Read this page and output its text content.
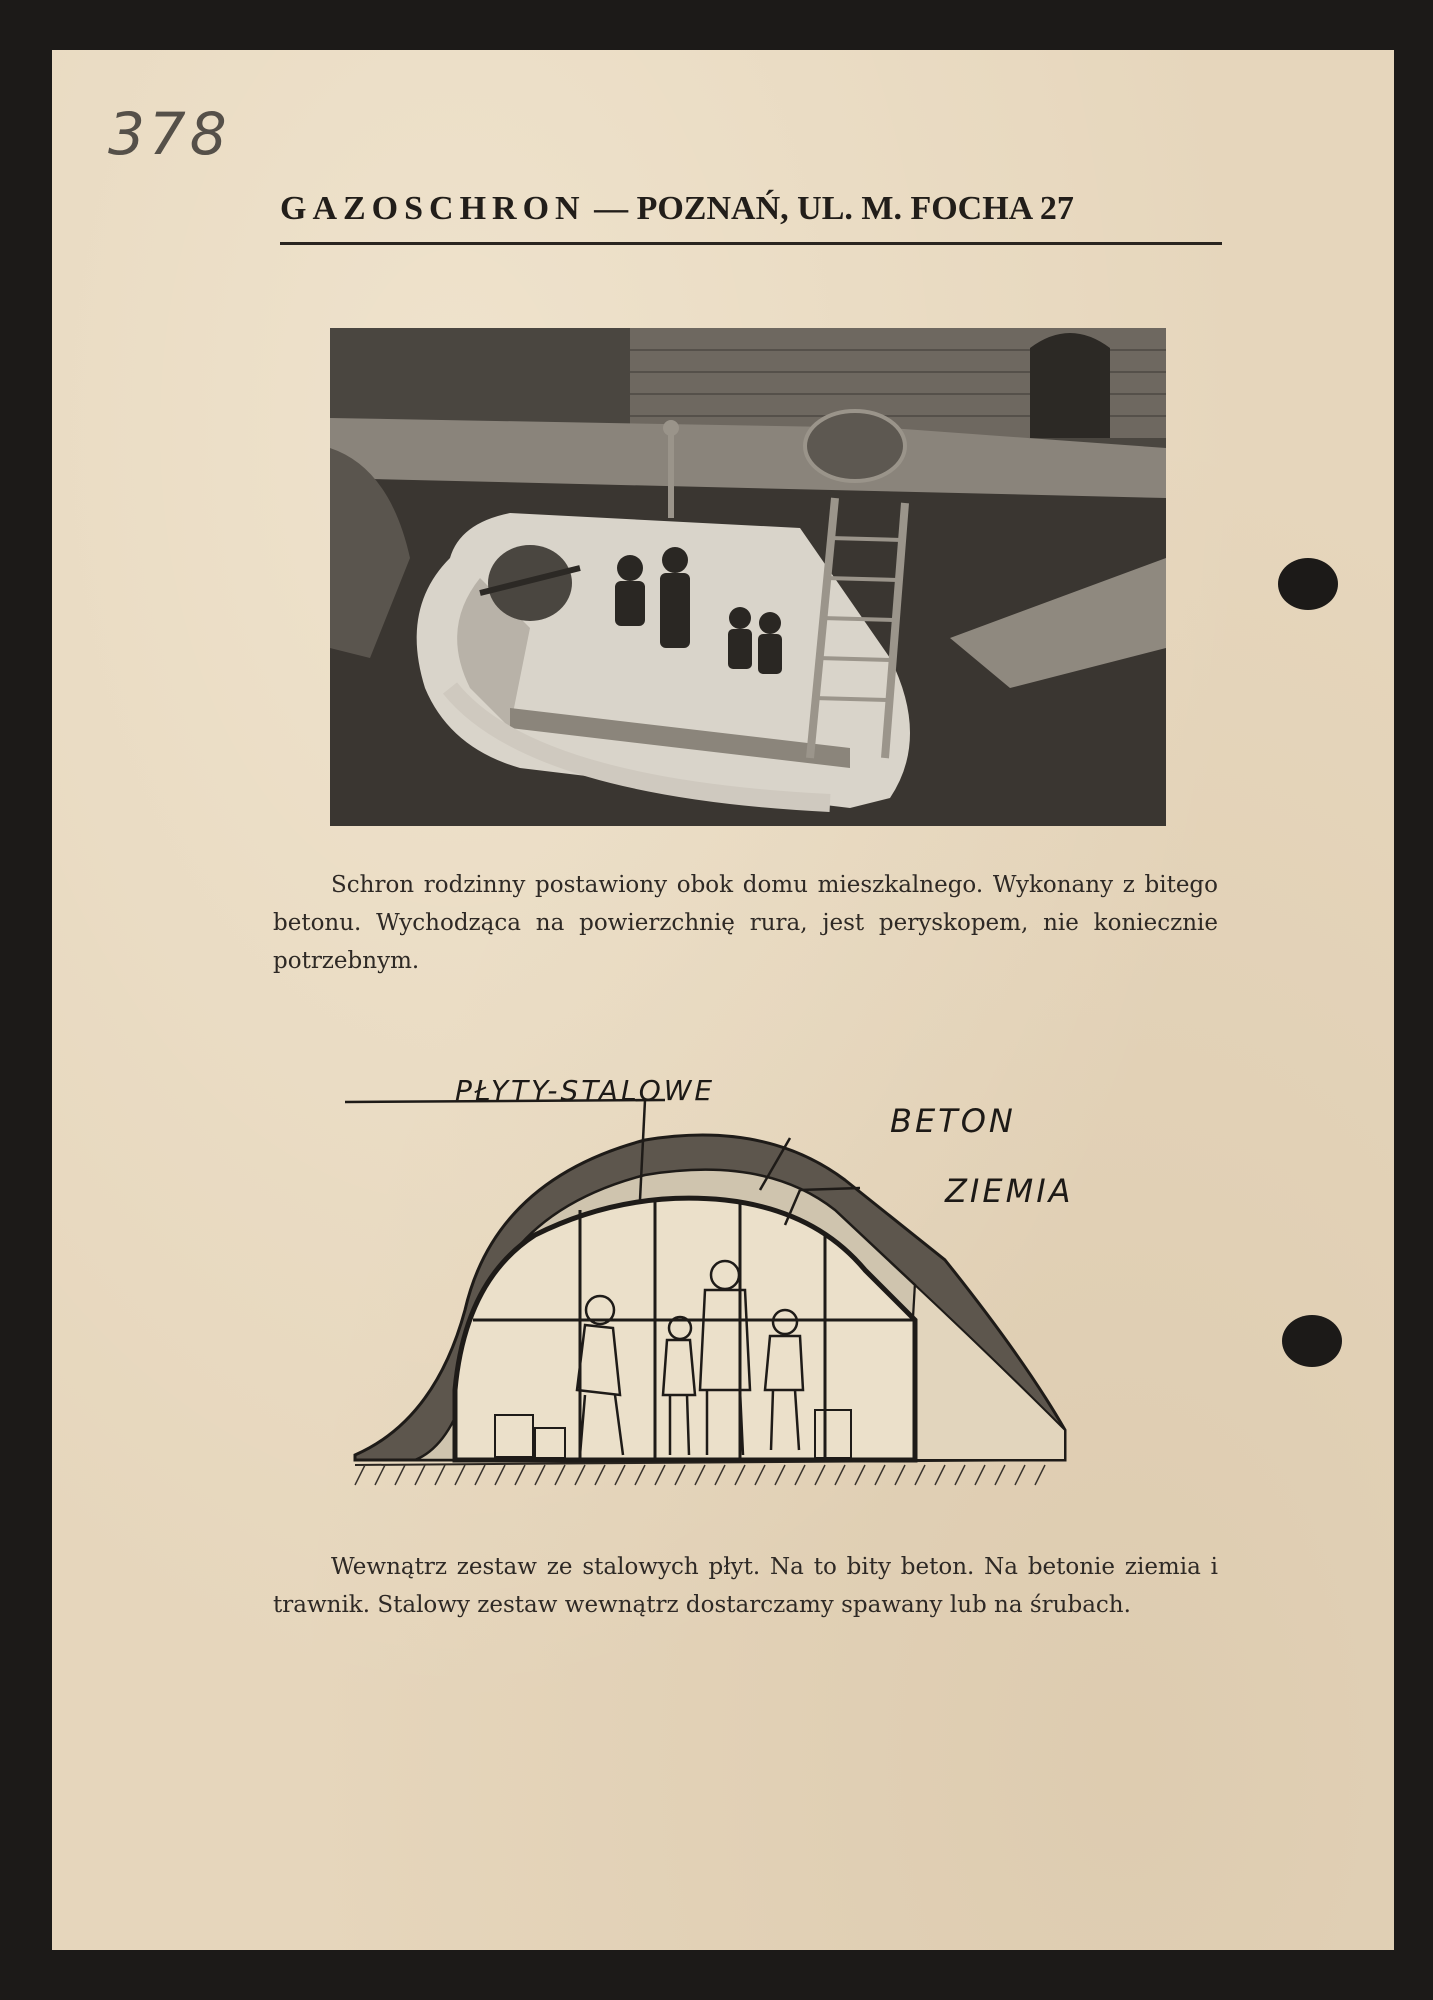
378
GAZOSCHRON — POZNAŃ, UL. M. FOCHA 27

Schron rodzinny postawiony obok domu mieszkalnego. Wykonany z bitego betonu. Wychodząca na powierzchnię rura, jest peryskopem, nie koniecznie potrzebnym.

PŁYTY-STALOWE
BETON
ZIEMIA

Wewnątrz zestaw ze stalowych płyt. Na to bity beton. Na betonie ziemia i trawnik. Stalowy zestaw wewnątrz dostarczamy spawany lub na śrubach.
